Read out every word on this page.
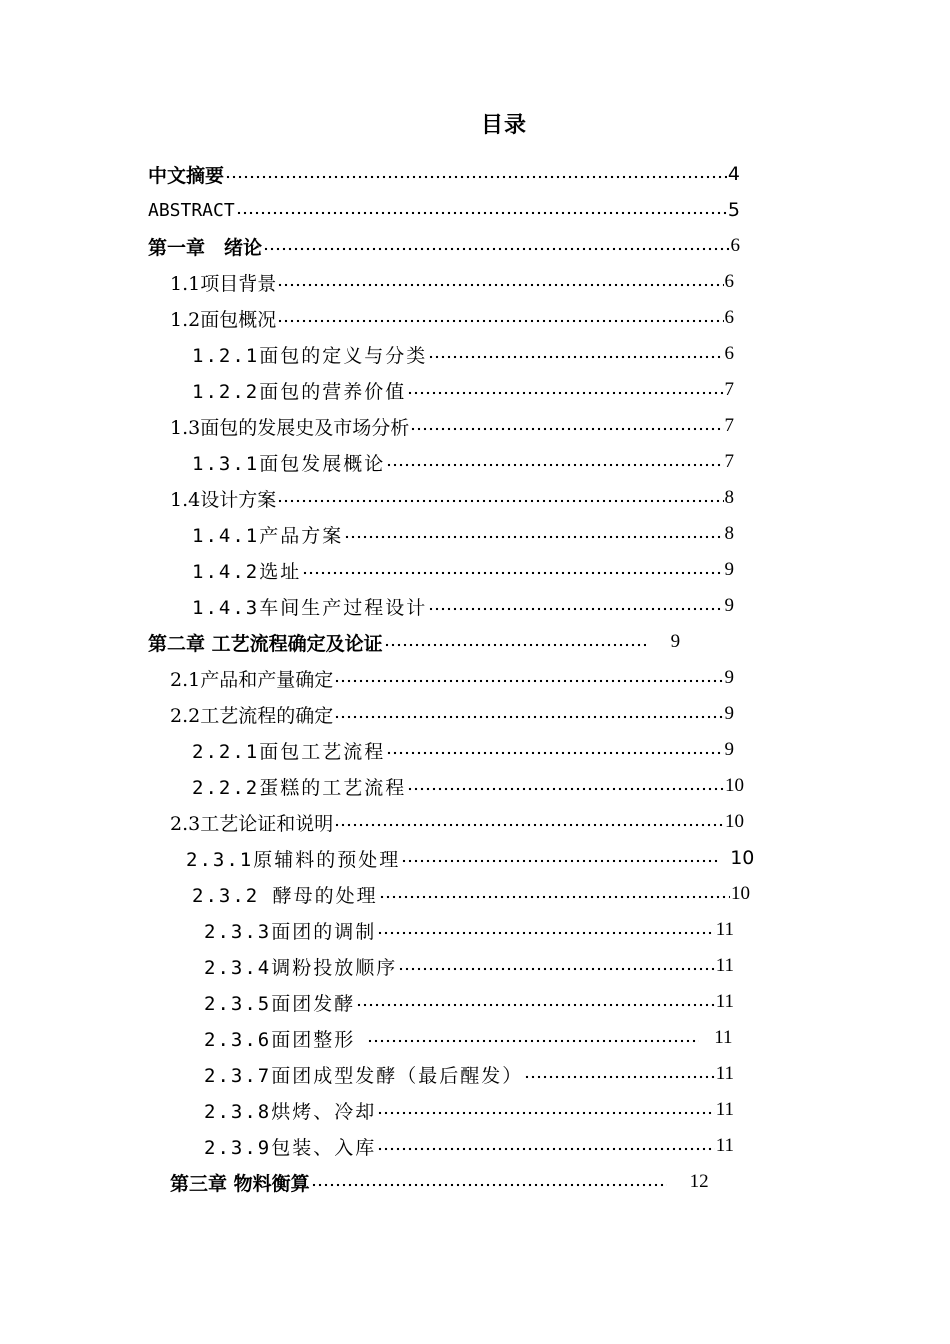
目录
中文摘要	4
ABSTRACT	5
第一章　绪论	6
1.1项目背景	6
1.2面包概况	6
1.2.1面包的定义与分类	6
1.2.2面包的营养价值	7
1.3面包的发展史及市场分析	7
1.3.1面包发展概论	7
1.4设计方案	8
1.4.1产品方案	8
1.4.2选址	9
1.4.3车间生产过程设计	9
第二章 工艺流程确定及论证	9
2.1产品和产量确定	9
2.2工艺流程的确定	9
2.2.1面包工艺流程	9
2.2.2蛋糕的工艺流程	10
2.3工艺论证和说明	10
2.3.1原辅料的预处理	10
2.3.2 酵母的处理	10
2.3.3面团的调制	11
2.3.4调粉投放顺序	11
2.3.5面团发酵	11
2.3.6面团整形	11
2.3.7面团成型发酵（最后醒发）	11
2.3.8烘烤、冷却	11
2.3.9包装、入库	11
第三章 物料衡算	12
